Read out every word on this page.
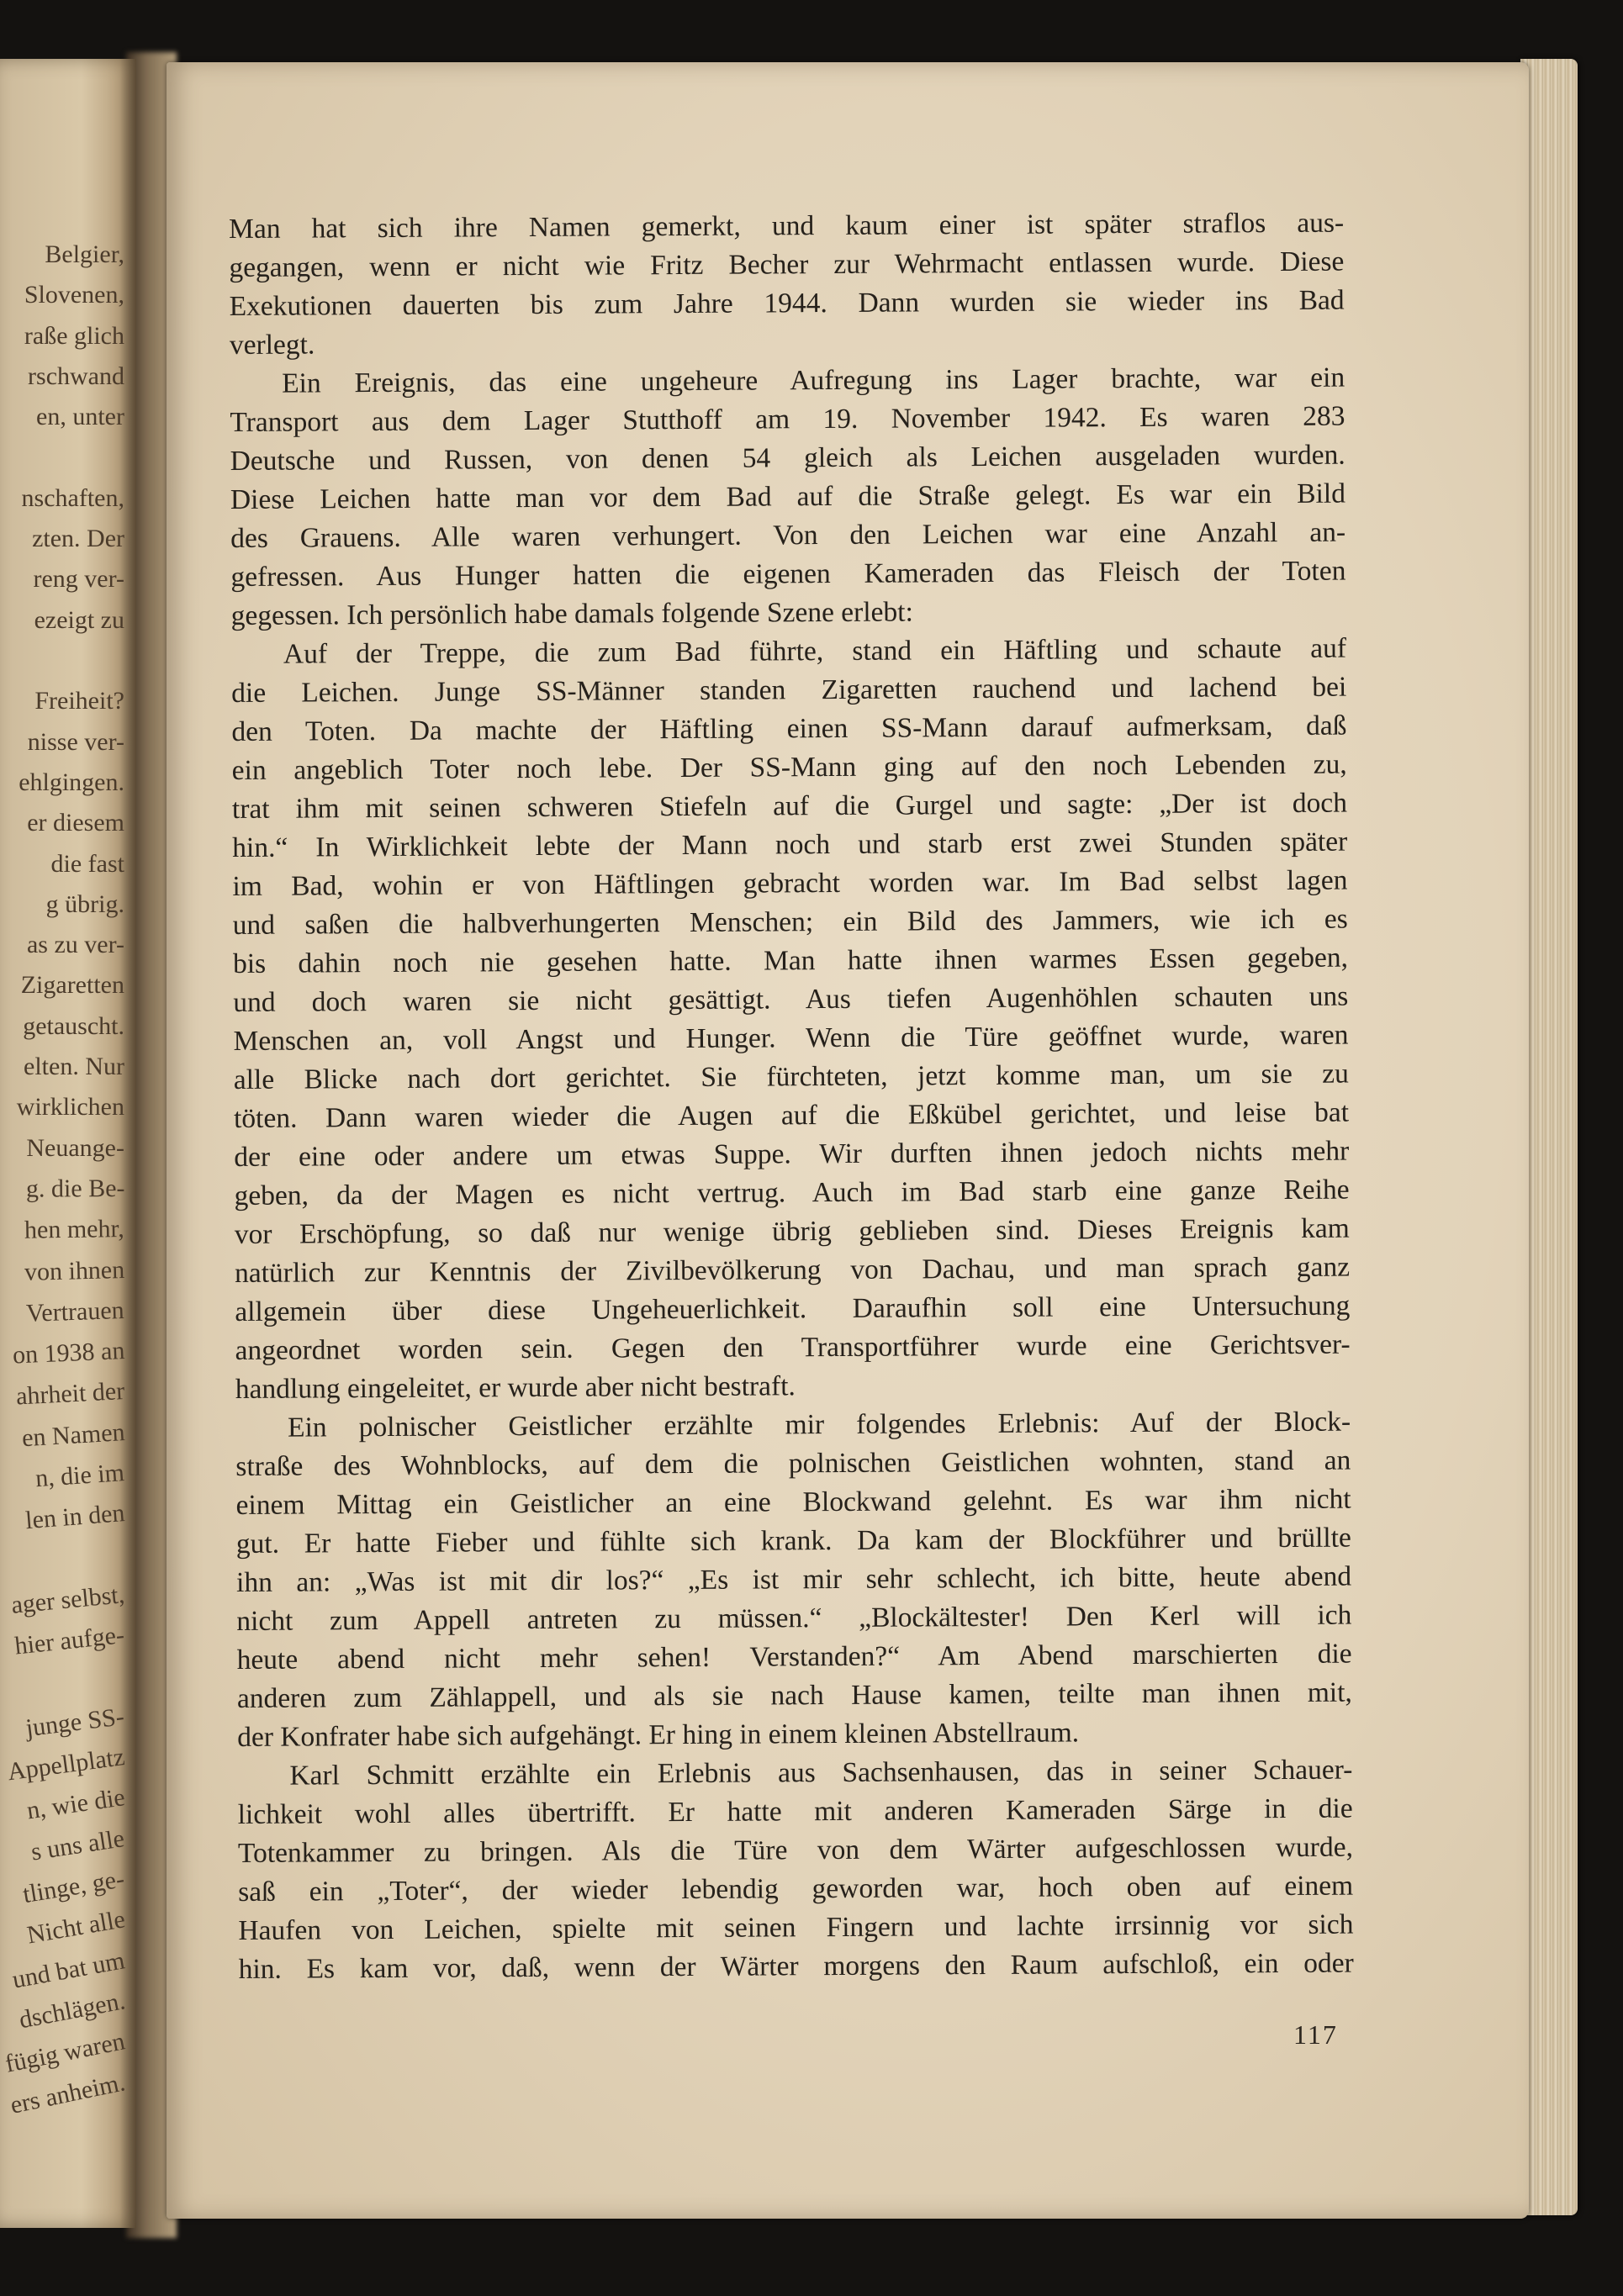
Belgier,
Slovenen,
raße glich
rschwand
en, unter
nschaften,
zten. Der
reng ver-
ezeigt zu
Freiheit?
nisse ver-
ehlgingen.
er diesem
die fast
g übrig.
as zu ver-
Zigaretten
getauscht.
elten. Nur
wirklichen
Neuange-
g. die Be-
hen mehr,
von ihnen
Vertrauen
on 1938 an
ahrheit der
en Namen
n, die im
len in den
ager selbst,
hier aufge-
junge SS-
Appellplatz
n, wie die
s uns alle
tlinge, ge-
Nicht alle
und bat um
dschlägen.
fügig waren
ers anheim.
Man hat sich ihre Namen gemerkt, und kaum einer ist später straflos aus-
gegangen, wenn er nicht wie Fritz Becher zur Wehrmacht entlassen wurde. Diese
Exekutionen dauerten bis zum Jahre 1944. Dann wurden sie wieder ins Bad
verlegt.
Ein Ereignis, das eine ungeheure Aufregung ins Lager brachte, war ein
Transport aus dem Lager Stutthoff am 19. November 1942. Es waren 283
Deutsche und Russen, von denen 54 gleich als Leichen ausgeladen wurden.
Diese Leichen hatte man vor dem Bad auf die Straße gelegt. Es war ein Bild
des Grauens. Alle waren verhungert. Von den Leichen war eine Anzahl an-
gefressen. Aus Hunger hatten die eigenen Kameraden das Fleisch der Toten
gegessen. Ich persönlich habe damals folgende Szene erlebt:
Auf der Treppe, die zum Bad führte, stand ein Häftling und schaute auf
die Leichen. Junge SS-Männer standen Zigaretten rauchend und lachend bei
den Toten. Da machte der Häftling einen SS-Mann darauf aufmerksam, daß
ein angeblich Toter noch lebe. Der SS-Mann ging auf den noch Lebenden zu,
trat ihm mit seinen schweren Stiefeln auf die Gurgel und sagte: „Der ist doch
hin.“ In Wirklichkeit lebte der Mann noch und starb erst zwei Stunden später
im Bad, wohin er von Häftlingen gebracht worden war. Im Bad selbst lagen
und saßen die halbverhungerten Menschen; ein Bild des Jammers, wie ich es
bis dahin noch nie gesehen hatte. Man hatte ihnen warmes Essen gegeben,
und doch waren sie nicht gesättigt. Aus tiefen Augenhöhlen schauten uns
Menschen an, voll Angst und Hunger. Wenn die Türe geöffnet wurde, waren
alle Blicke nach dort gerichtet. Sie fürchteten, jetzt komme man, um sie zu
töten. Dann waren wieder die Augen auf die Eßkübel gerichtet, und leise bat
der eine oder andere um etwas Suppe. Wir durften ihnen jedoch nichts mehr
geben, da der Magen es nicht vertrug. Auch im Bad starb eine ganze Reihe
vor Erschöpfung, so daß nur wenige übrig geblieben sind. Dieses Ereignis kam
natürlich zur Kenntnis der Zivilbevölkerung von Dachau, und man sprach ganz
allgemein über diese Ungeheuerlichkeit. Daraufhin soll eine Untersuchung
angeordnet worden sein. Gegen den Transportführer wurde eine Gerichtsver-
handlung eingeleitet, er wurde aber nicht bestraft.
Ein polnischer Geistlicher erzählte mir folgendes Erlebnis: Auf der Block-
straße des Wohnblocks, auf dem die polnischen Geistlichen wohnten, stand an
einem Mittag ein Geistlicher an eine Blockwand gelehnt. Es war ihm nicht
gut. Er hatte Fieber und fühlte sich krank. Da kam der Blockführer und brüllte
ihn an: „Was ist mit dir los?“ „Es ist mir sehr schlecht, ich bitte, heute abend
nicht zum Appell antreten zu müssen.“ „Blockältester! Den Kerl will ich
heute abend nicht mehr sehen! Verstanden?“ Am Abend marschierten die
anderen zum Zählappell, und als sie nach Hause kamen, teilte man ihnen mit,
der Konfrater habe sich aufgehängt. Er hing in einem kleinen Abstellraum.
Karl Schmitt erzählte ein Erlebnis aus Sachsenhausen, das in seiner Schauer-
lichkeit wohl alles übertrifft. Er hatte mit anderen Kameraden Särge in die
Totenkammer zu bringen. Als die Türe von dem Wärter aufgeschlossen wurde,
saß ein „Toter“, der wieder lebendig geworden war, hoch oben auf einem
Haufen von Leichen, spielte mit seinen Fingern und lachte irrsinnig vor sich
hin. Es kam vor, daß, wenn der Wärter morgens den Raum aufschloß, ein oder
117
